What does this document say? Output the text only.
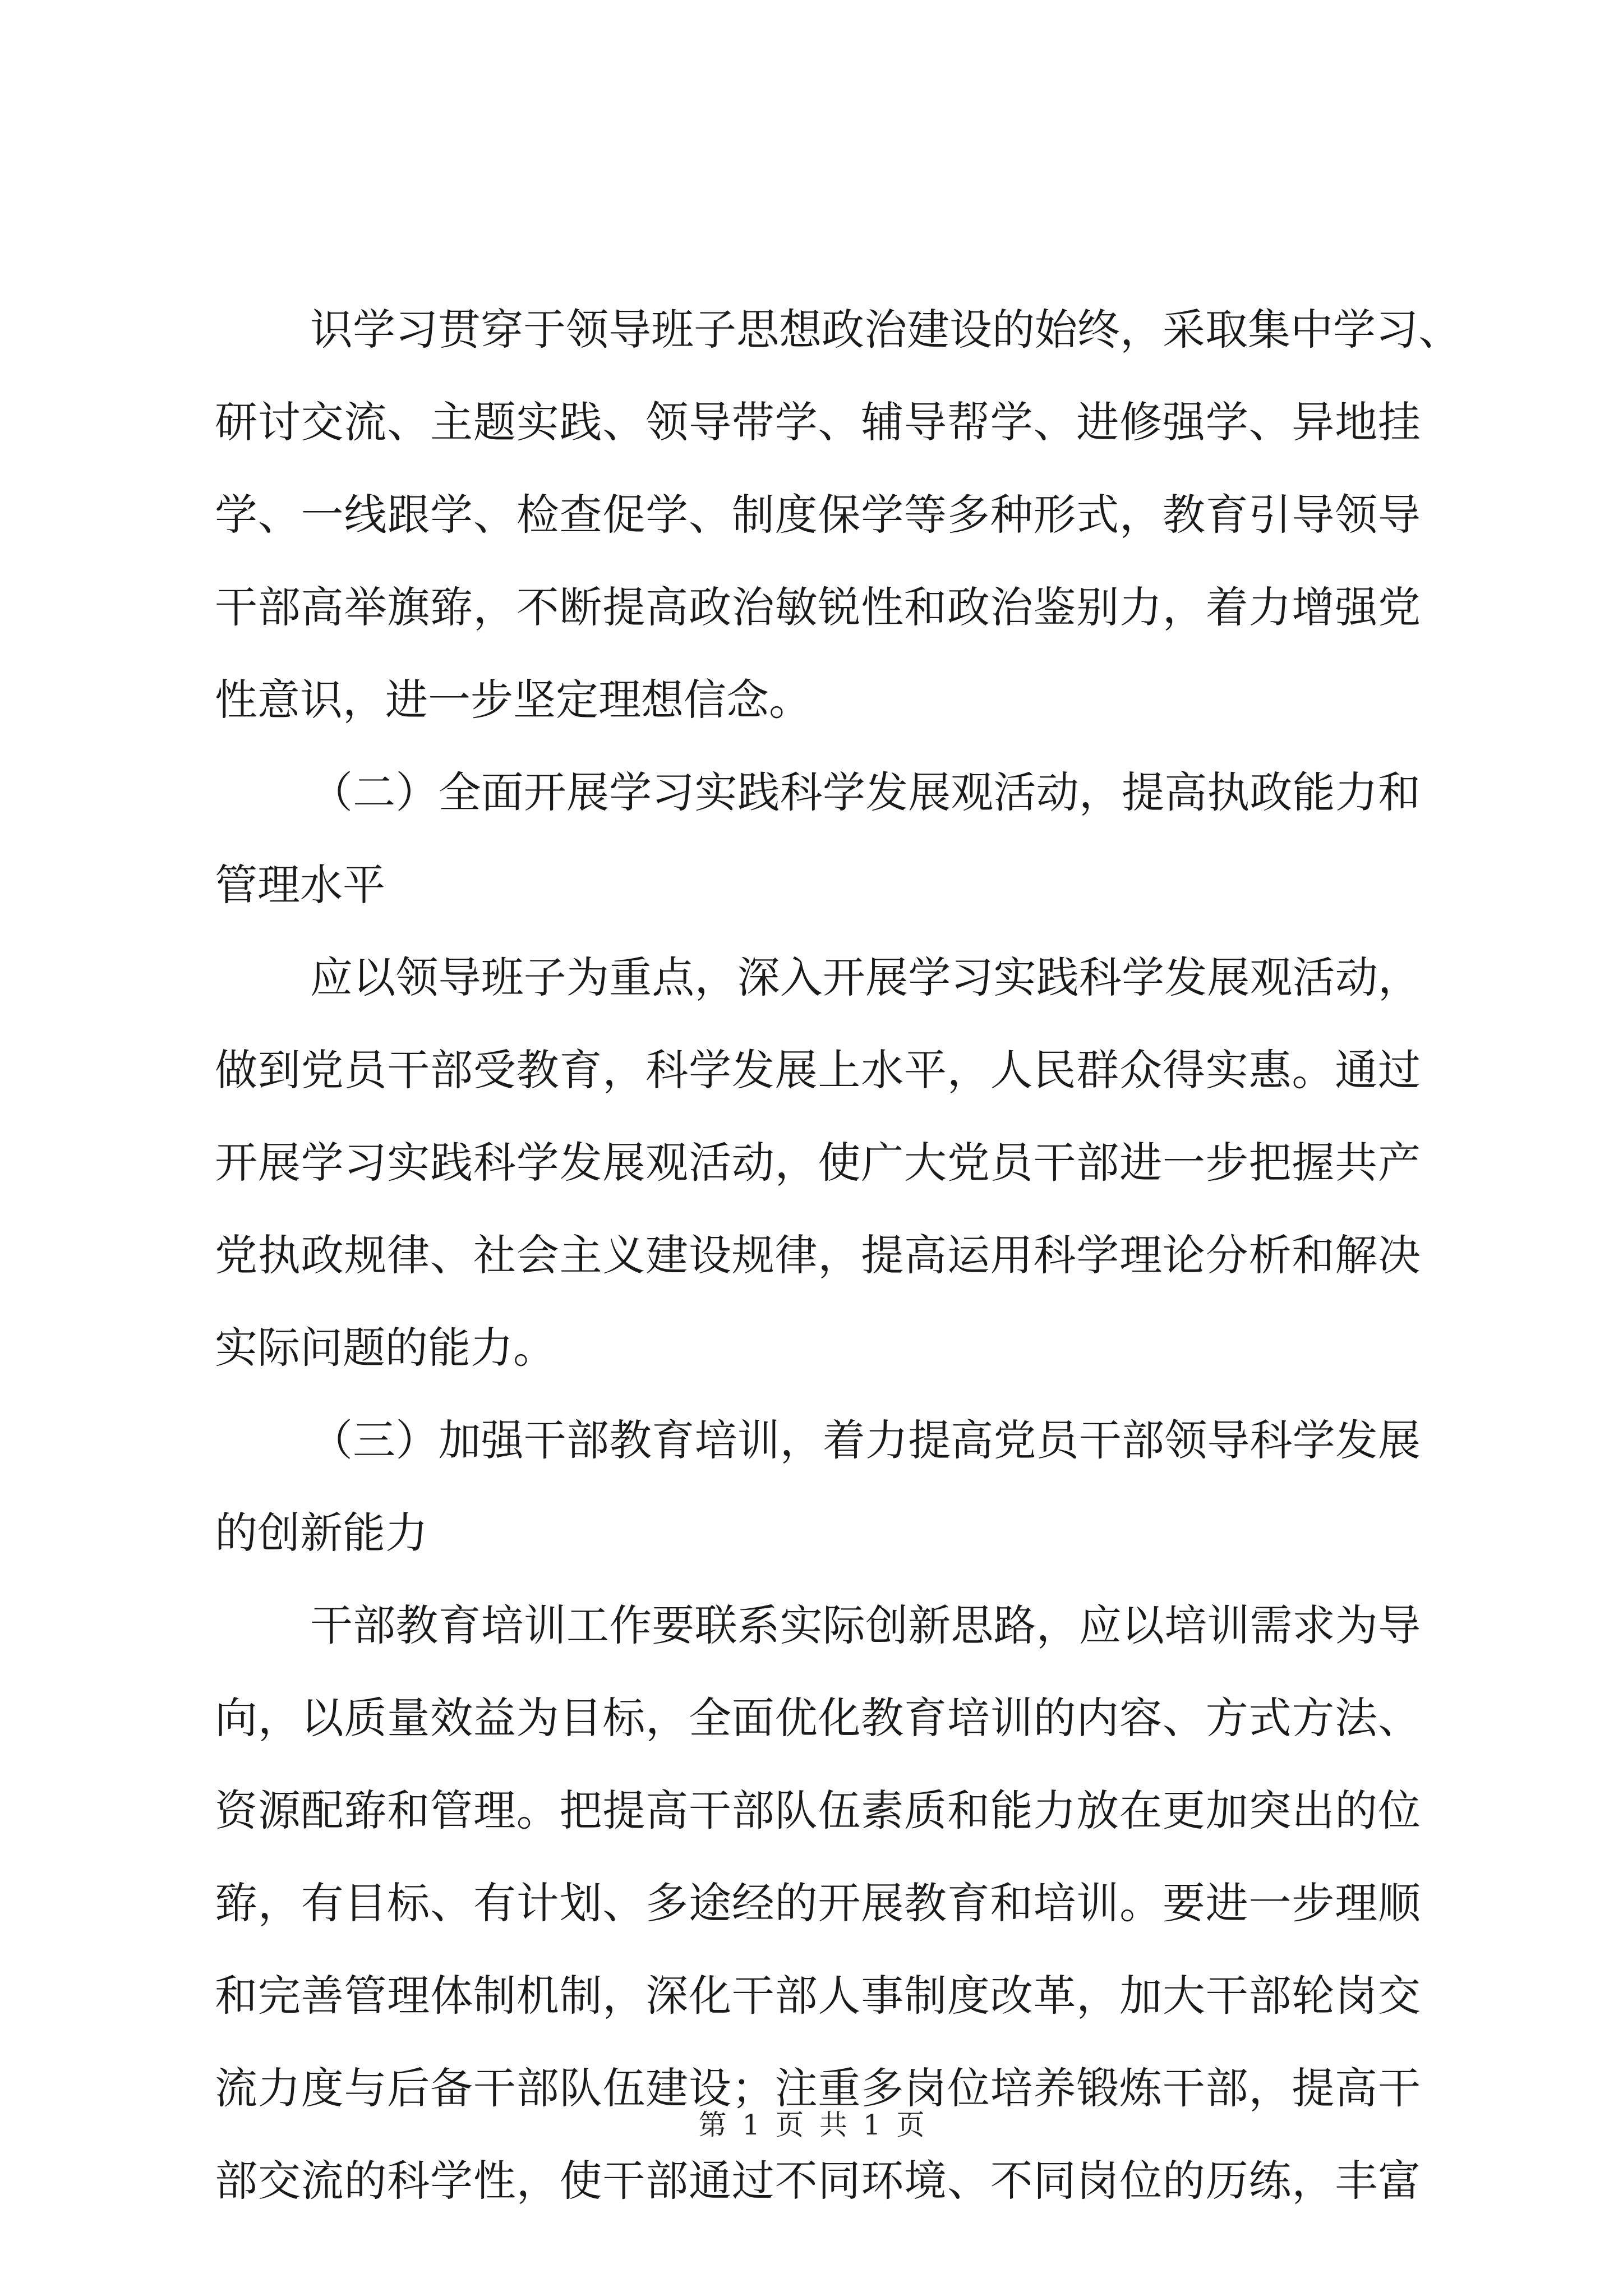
识学习贯穿于领导班子思想政治建设的始终，采取集中学习、
研讨交流、主题实践、领导带学、辅导帮学、进修强学、异地挂
学、一线跟学、检查促学、制度保学等多种形式，教育引导领导
干部高举旗臶，不断提高政治敏锐性和政治鉴别力，着力增强党
性意识，进一步坚定理想信念。
（二）全面开展学习实践科学发展观活动，提高执政能力和
管理水平
应以领导班子为重点，深入开展学习实践科学发展观活动，
做到党员干部受教育，科学发展上水平，人民群众得实惠。通过
开展学习实践科学发展观活动，使广大党员干部进一步把握共产
党执政规律、社会主义建设规律，提高运用科学理论分析和解决
实际问题的能力。
（三）加强干部教育培训，着力提高党员干部领导科学发展
的创新能力
干部教育培训工作要联系实际创新思路，应以培训需求为导
向，以质量效益为目标，全面优化教育培训的内容、方式方法、
资源配臶和管理。把提高干部队伍素质和能力放在更加突出的位
臶，有目标、有计划、多途经的开展教育和培训。要进一步理顺
和完善管理体制机制，深化干部人事制度改革，加大干部轮岗交
流力度与后备干部队伍建设；注重多岗位培养锻炼干部，提高干
部交流的科学性，使干部通过不同环境、不同岗位的历练，丰富
第 1 页 共 1 页
